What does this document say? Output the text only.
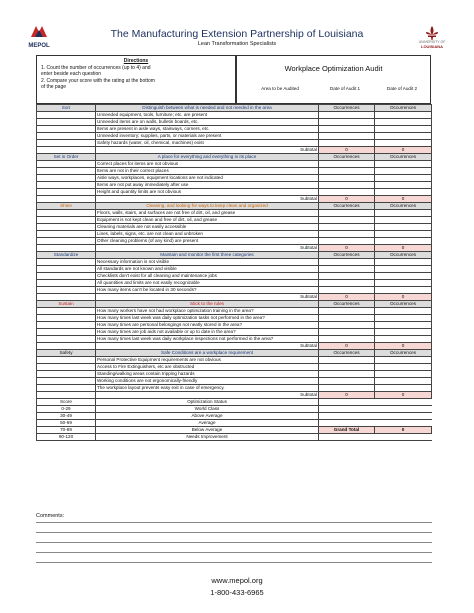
MEPOL
The Manufacturing Extension Partnership of Louisiana
Lean Transformation Specialists	UNIVERSITY OF
LOUISIANA
Directions
1. Count the number of occurrences (up to 4) and
enter beside each question
2. Compare your score with the rating at the bottom
of the page
Workplace Optimization Audit
Area to be Audited	Date of Audit 1	Date of Audit 2
Sort	Distinguish between what is needed and not needed in the area	Occurrences	Occurrences
	Unneeded equipment, tools, furniture; etc. are present		
	Unneeded items are on walls, bulletin boards, etc.		
	Items are present in aisle ways, stairways, corners, etc.		
	Unneeded inventory; supplies, parts, or materials are present		
	Safety hazards (water, oil, chemical, machines) exist		
	Subtotal	0	0
Set in Order	A place for everything and everything in its place	Occurrences	Occurrences
	Correct places for items are not obvious		
	Items are not in their correct places		
	Aisle ways, workplaces, equipment locations are not indicated		
	Items are not put away immediately after use		
	Height and quantity limits are not obvious		
	Subtotal	0	0
Shine	Cleaning, and looking for ways to keep clean and organized	Occurrences	Occurrences
	Floors, walls, stairs, and surfaces are not free of dirt, oil, and grease		
	Equipment is not kept clean and free of dirt, oil, and grease		
	Cleaning materials are not easily accessible		
	Lines, labels, signs, etc. are not clean and unbroken		
	Other cleaning problems (of any kind) are present		
	Subtotal	0	0
Standardize	Maintain and monitor the first three categories	Occurrences	Occurrences
	Necessary information is not visible		
	All standards are not known and visible		
	Checklists don't exist for all cleaning and maintenance jobs		
	All quantities and limits are not easily recognizable		
	How many items can't be located in 30 seconds?		
	Subtotal	0	0
Sustain	Stick to the rules	Occurrences	Occurrences
	How many workers have not had workplace optimization training in the area?		
	How many times last week was daily optimization tasks not performed in the area?		
	How many times are personal belongings not neatly stored in the area?		
	How many times are job aids not available or up to date in the area?		
	How many times last week was daily workplace inspections not performed in the area?		
	Subtotal	0	0
Safety	Safe Conditions are a workplace requirement	Occurrences	Occurrences
	Personal Protective Equipment requirements are not obvious		
	Access to Fire Extinguishers, etc are obstructed		
	Standing/walking areas contain tripping hazards		
	Working conditions are not ergonomically-friendly		
	The workplace layout prevents easy exit in case of emergency.		
	Subtotal	0	0
Score	Optimization Status		
0-29	World Class		
30-49	Above Average		
50-69	Average		
70-89	Below Average	Grand Total	0
90-120	Needs Improvement		
Comments:
www.mepol.org
1-800-433-6965
